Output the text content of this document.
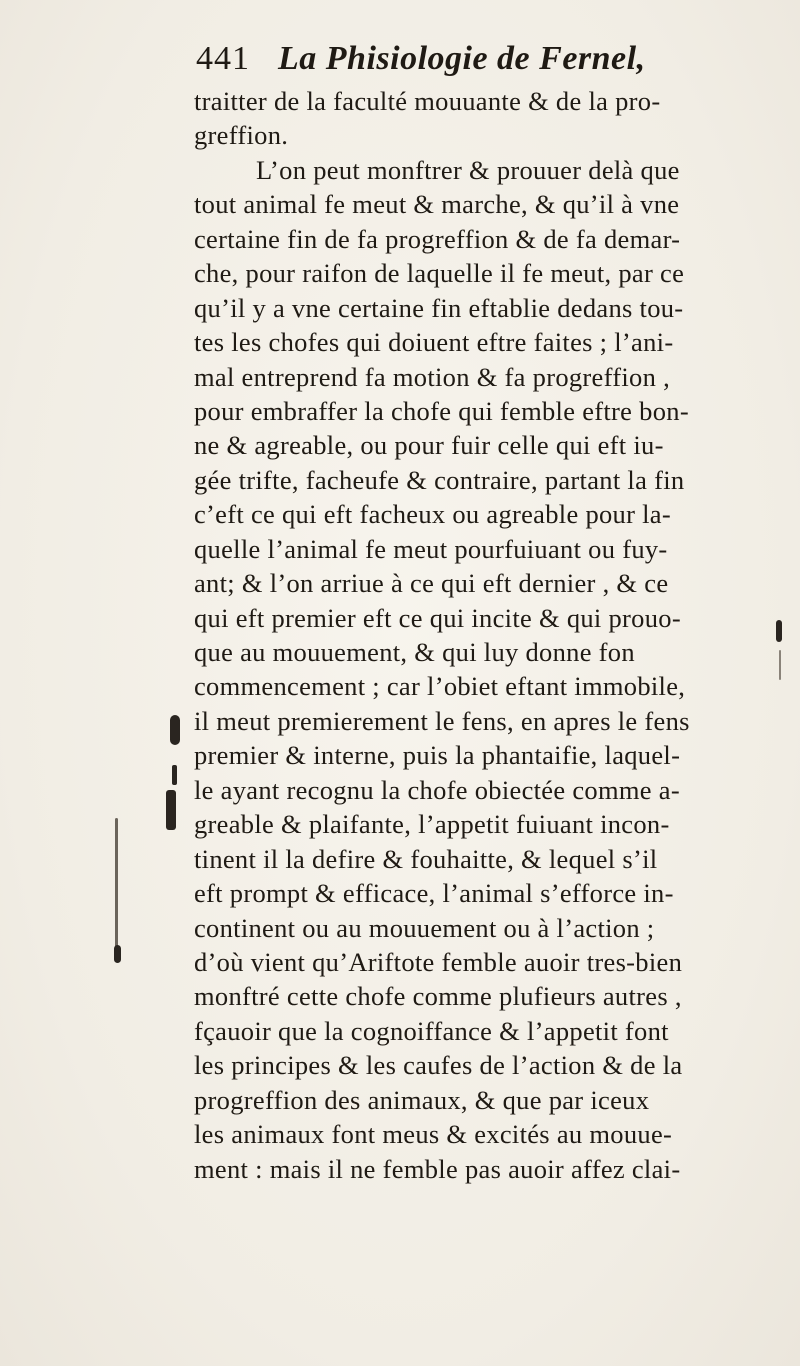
441 La Phisiologie de Fernel,
traitter de la faculté mouuante & de la pro-
greffion.
L’on peut monftrer & prouuer delà que
tout animal fe meut & marche, & qu’il à vne
certaine fin de fa progreffion & de fa demar-
che, pour raifon de laquelle il fe meut, par ce
qu’il y a vne certaine fin eftablie dedans tou-
tes les chofes qui doiuent eftre faites ; l’ani-
mal entreprend fa motion & fa progreffion ,
pour embraffer la chofe qui femble eftre bon-
ne & agreable, ou pour fuir celle qui eft iu-
gée trifte, facheufe & contraire, partant la fin
c’eft ce qui eft facheux ou agreable pour la-
quelle l’animal fe meut pourfuiuant ou fuy-
ant; & l’on arriue à ce qui eft dernier , & ce
qui eft premier eft ce qui incite & qui prouo-
que au mouuement, & qui luy donne fon
commencement ; car l’obiet eftant immobile,
il meut premierement le fens, en apres le fens
premier & interne, puis la phantaifie, laquel-
le ayant recognu la chofe obiectée comme a-
greable & plaifante, l’appetit fuiuant incon-
tinent il la defire & fouhaitte, & lequel s’il
eft prompt & efficace, l’animal s’efforce in-
continent ou au mouuement ou à l’action ;
d’où vient qu’Ariftote femble auoir tres-bien
monftré cette chofe comme plufieurs autres ,
fçauoir que la cognoiffance & l’appetit font
les principes & les caufes de l’action & de la
progreffion des animaux, & que par iceux
les animaux font meus & excités au mouue-
ment : mais il ne femble pas auoir affez clai-
